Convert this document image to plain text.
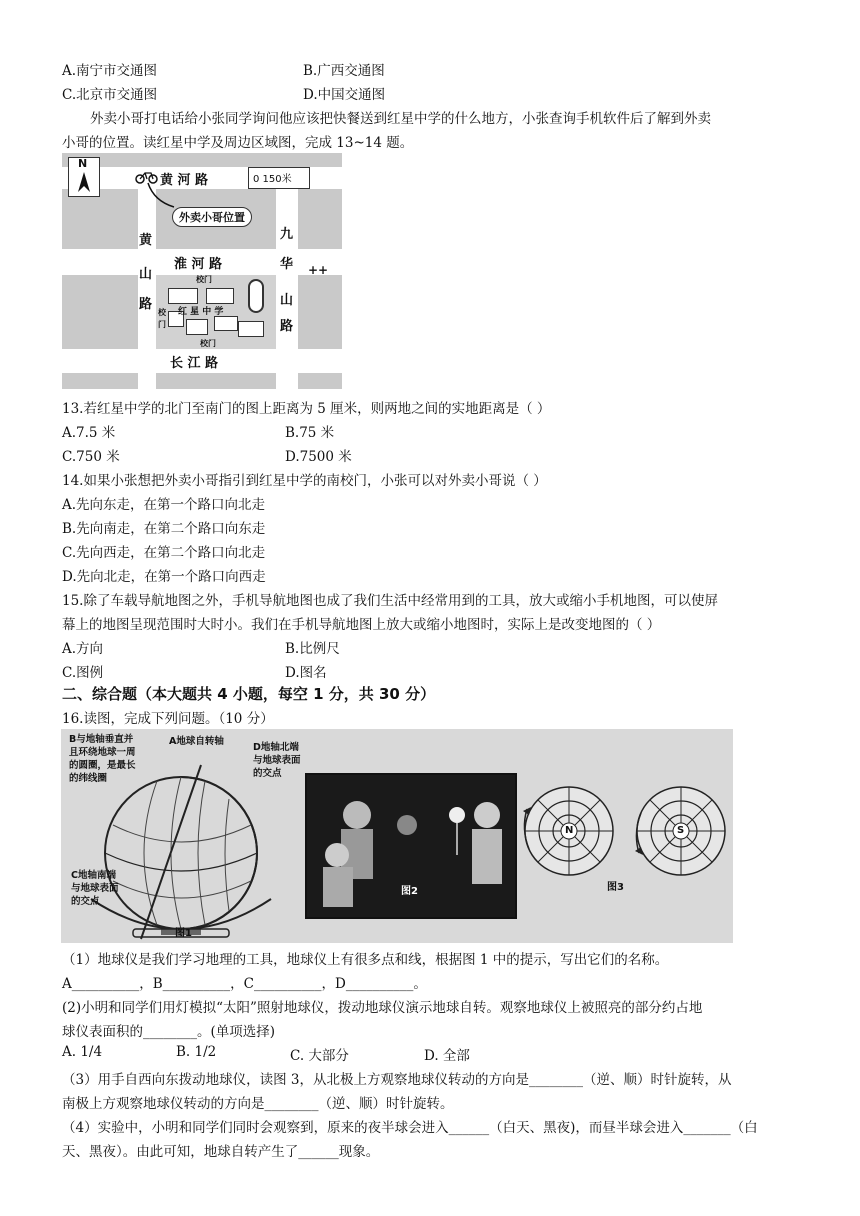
A.南宁市交通图	B.广西交通图
C.北京市交通图	D.中国交通图
外卖小哥打电话给小张同学询问他应该把快餐送到红星中学的什么地方，小张查询手机软件后了解到外卖
小哥的位置。读红星中学及周边区域图，完成 13~14 题。
N
0 150米
黄 河 路
淮 河 路
长 江 路
黄
山
路
九
华
山
路
++
外卖小哥位置
校门
红 星 中 学
校门
校
门
13.若红星中学的北门至南门的图上距离为 5 厘米，则两地之间的实地距离是（ ）
A.7.5 米	B.75 米
C.750 米	D.7500 米
14.如果小张想把外卖小哥指引到红星中学的南校门，小张可以对外卖小哥说（ ）
A.先向东走，在第一个路口向北走
B.先向南走，在第二个路口向东走
C.先向西走，在第二个路口向北走
D.先向北走，在第一个路口向西走
15.除了车载导航地图之外，手机导航地图也成了我们生活中经常用到的工具，放大或缩小手机地图，可以使屏
幕上的地图呈现范围时大时小。我们在手机导航地图上放大或缩小地图时，实际上是改变地图的（ ）
A.方向	B.比例尺
C.图例	D.图名
二、综合题（本大题共 4 小题，每空 1 分，共 30 分）
16.读图，完成下列问题。（10 分）
B与地轴垂直并
且环绕地球一周
的圆圈，是最长
的纬线圈
A地球自转轴
D地轴北端
与地球表面
的交点
C地轴南端
与地球表面
的交点
图1
图2
N	S
图3
（1）地球仪是我们学习地理的工具，地球仪上有很多点和线，根据图 1 中的提示，写出它们的名称。
A__________，B__________，C__________，D__________。
(2)小明和同学们用灯模拟“太阳”照射地球仪，拨动地球仪演示地球自转。观察地球仪上被照亮的部分约占地
球仪表面积的________。(单项选择)
A. 1/4	B. 1/2	C. 大部分	D. 全部
（3）用手自西向东拨动地球仪，读图 3，从北极上方观察地球仪转动的方向是________（逆、顺）时针旋转，从
南极上方观察地球仪转动的方向是________（逆、顺）时针旋转。
（4）实验中，小明和同学们同时会观察到，原来的夜半球会进入______（白天、黑夜)，而昼半球会进入_______（白
天、黑夜）。由此可知，地球自转产生了______现象。
